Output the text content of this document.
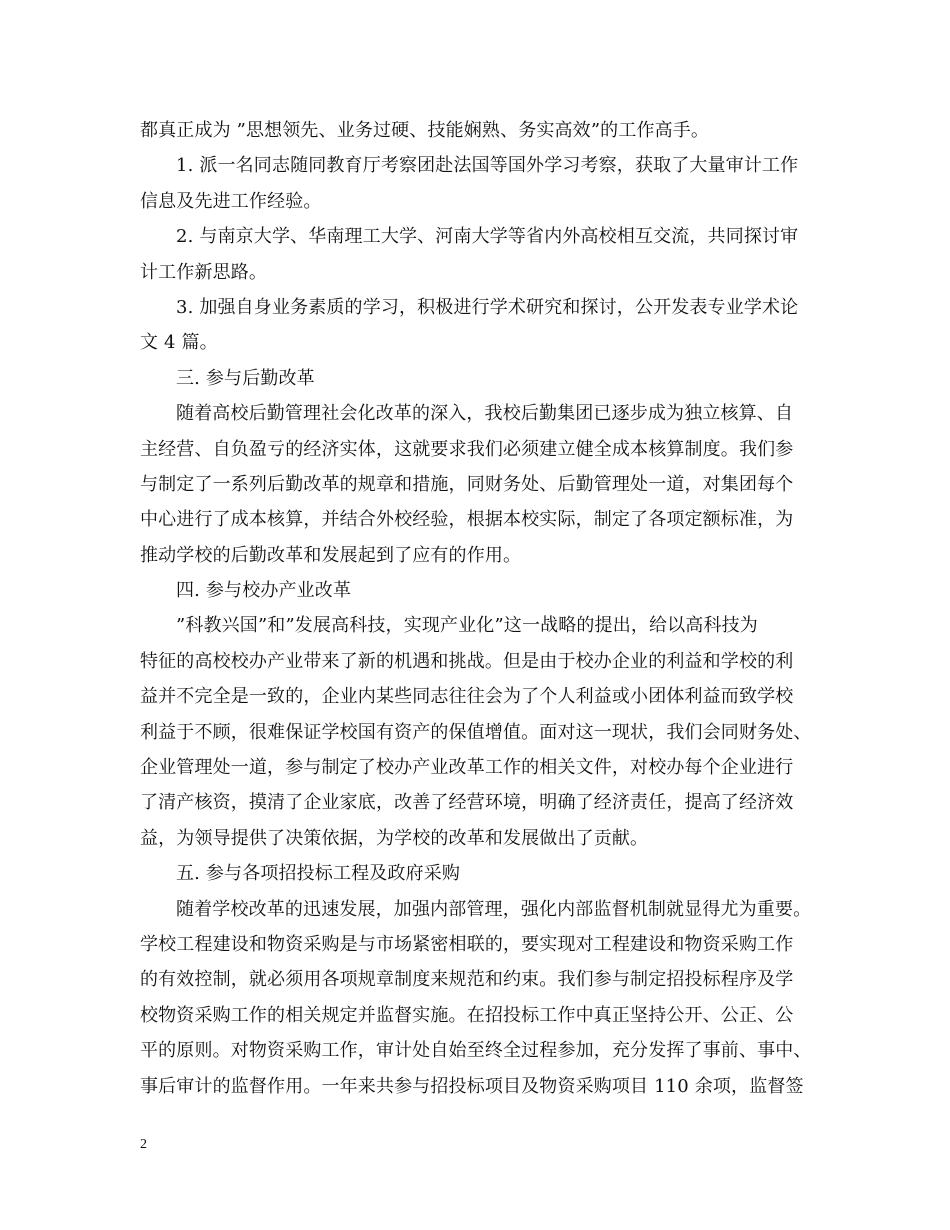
都真正成为 ”思想领先、业务过硬、技能娴熟、务实高效”的工作高手。
1. 派一名同志随同教育厅考察团赴法国等国外学习考察，获取了大量审计工作
信息及先进工作经验。
2. 与南京大学、华南理工大学、河南大学等省内外高校相互交流，共同探讨审
计工作新思路。
3. 加强自身业务素质的学习，积极进行学术研究和探讨，公开发表专业学术论
文 4 篇。
三. 参与后勤改革
随着高校后勤管理社会化改革的深入，我校后勤集团已逐步成为独立核算、自
主经营、自负盈亏的经济实体，这就要求我们必须建立健全成本核算制度。我们参
与制定了一系列后勤改革的规章和措施，同财务处、后勤管理处一道，对集团每个
中心进行了成本核算，并结合外校经验，根据本校实际，制定了各项定额标准，为
推动学校的后勤改革和发展起到了应有的作用。
四. 参与校办产业改革
”科教兴国”和”发展高科技，实现产业化”这一战略的提出，给以高科技为
特征的高校校办产业带来了新的机遇和挑战。但是由于校办企业的利益和学校的利
益并不完全是一致的，企业内某些同志往往会为了个人利益或小团体利益而致学校
利益于不顾，很难保证学校国有资产的保值增值。面对这一现状，我们会同财务处、
企业管理处一道，参与制定了校办产业改革工作的相关文件，对校办每个企业进行
了清产核资，摸清了企业家底，改善了经营环境，明确了经济责任，提高了经济效
益，为领导提供了决策依据，为学校的改革和发展做出了贡献。
五. 参与各项招投标工程及政府采购
随着学校改革的迅速发展，加强内部管理，强化内部监督机制就显得尤为重要。
学校工程建设和物资采购是与市场紧密相联的，要实现对工程建设和物资采购工作
的有效控制，就必须用各项规章制度来规范和约束。我们参与制定招投标程序及学
校物资采购工作的相关规定并监督实施。在招投标工作中真正坚持公开、公正、公
平的原则。对物资采购工作，审计处自始至终全过程参加，充分发挥了事前、事中、
事后审计的监督作用。一年来共参与招投标项目及物资采购项目 110 余项，监督签
2
